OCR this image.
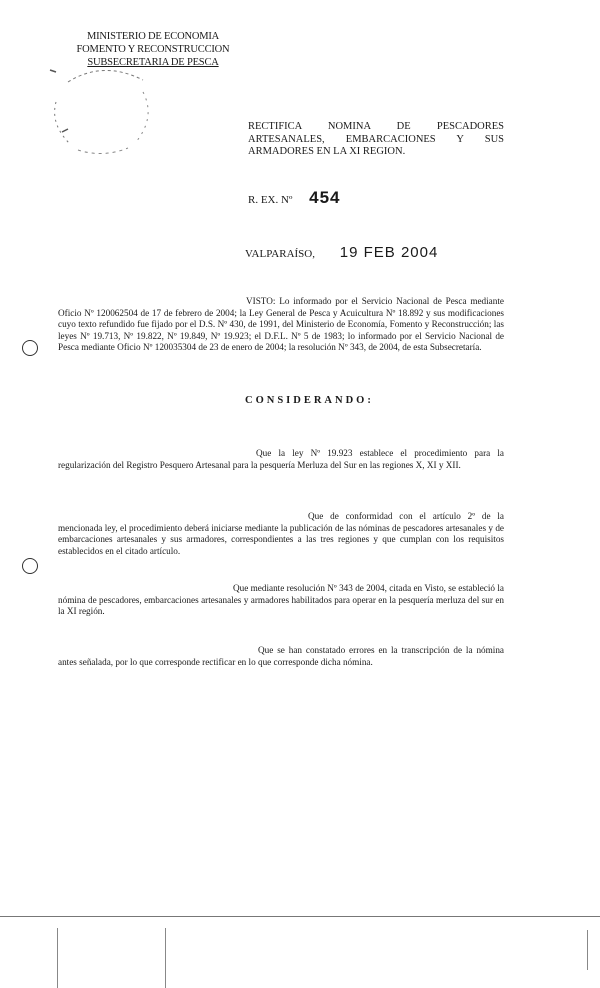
MINISTERIO DE ECONOMIA
FOMENTO Y RECONSTRUCCION
SUBSECRETARIA DE PESCA
RECTIFICA NOMINA DE PESCADORES ARTESANALES, EMBARCACIONES Y SUS ARMADORES EN LA XI REGION.
R. EX. Nº 454
VALPARAÍSO, 19 FEB 2004
VISTO: Lo informado por el Servicio Nacional de Pesca mediante Oficio Nº 120062504 de 17 de febrero de 2004; la Ley General de Pesca y Acuicultura Nº 18.892 y sus modificaciones cuyo texto refundido fue fijado por el D.S. Nº 430, de 1991, del Ministerio de Economía, Fomento y Reconstrucción; las leyes Nº 19.713, Nº 19.822, Nº 19.849, Nº 19.923; el D.F.L. Nº 5 de 1983; lo informado por el Servicio Nacional de Pesca mediante Oficio Nº 120035304 de 23 de enero de 2004; la resolución Nº 343, de 2004, de esta Subsecretaría.
CONSIDERANDO:
Que la ley Nº 19.923 establece el procedimiento para la regularización del Registro Pesquero Artesanal para la pesquería Merluza del Sur en las regiones X, XI y XII.
Que de conformidad con el artículo 2º de la mencionada ley, el procedimiento deberá iniciarse mediante la publicación de las nóminas de pescadores artesanales y de embarcaciones artesanales y sus armadores, correspondientes a las tres regiones y que cumplan con los requisitos establecidos en el citado artículo.
Que mediante resolución Nº 343 de 2004, citada en Visto, se estableció la nómina de pescadores, embarcaciones artesanales y armadores habilitados para operar en la pesquería merluza del sur en la XI región.
Que se han constatado errores en la transcripción de la nómina antes señalada, por lo que corresponde rectificar en lo que corresponde dicha nómina.
